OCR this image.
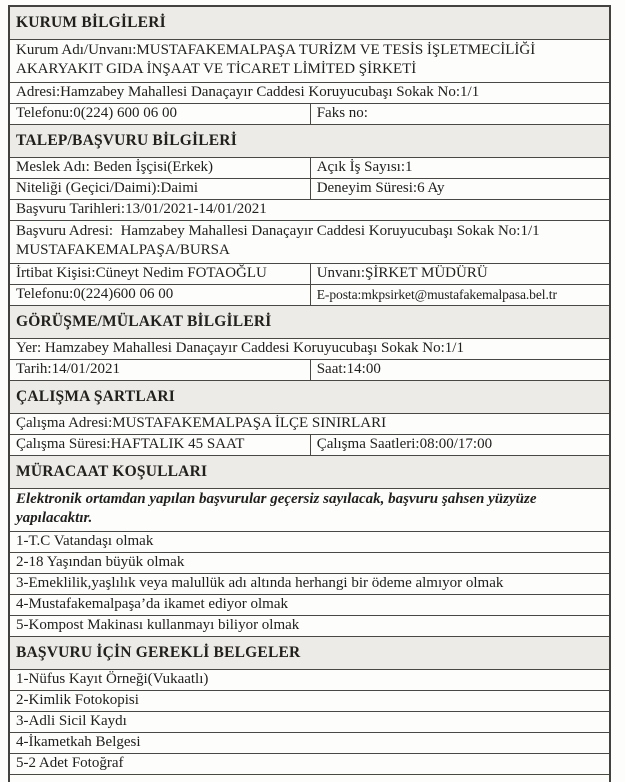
KURUM BİLGİLERİ
Kurum Adı/Unvanı:MUSTAFAKEMALPAŞA TURİZM VE TESİS İŞLETMECİLİĞİ AKARYAKIT GIDA İNŞAAT VE TİCARET LİMİTED ŞİRKETİ
Adresi:Hamzabey Mahallesi Danaçayır Caddesi Koruyucubaşı Sokak No:1/1
Telefonu:0(224) 600 06 00	Faks no:
TALEP/BAŞVURU BİLGİLERİ
Meslek Adı: Beden İşçisi(Erkek)	Açık İş Sayısı:1
Niteliği (Geçici/Daimi):Daimi	Deneyim Süresi:6 Ay
Başvuru Tarihleri:13/01/2021-14/01/2021
Başvuru Adresi:  Hamzabey Mahallesi Danaçayır Caddesi Koruyucubaşı Sokak No:1/1 MUSTAFAKEMALPAŞA/BURSA
İrtibat Kişisi:Cüneyt Nedim FOTAOĞLU	Unvanı:ŞİRKET MÜDÜRÜ
Telefonu:0(224)600 06 00	E-posta:mkpsirket@mustafakemalpasa.bel.tr
GÖRÜŞME/MÜLAKAT BİLGİLERİ
Yer: Hamzabey Mahallesi Danaçayır Caddesi Koruyucubaşı Sokak No:1/1
Tarih:14/01/2021	Saat:14:00
ÇALIŞMA ŞARTLARI
Çalışma Adresi:MUSTAFAKEMALPAŞA İLÇE SINIRLARI
Çalışma Süresi:HAFTALIK 45 SAAT	Çalışma Saatleri:08:00/17:00
MÜRACAAT KOŞULLARI
Elektronik ortamdan yapılan başvurular geçersiz sayılacak, başvuru şahsen yüzyüze yapılacaktır.
1-T.C Vatandaşı olmak
2-18 Yaşından büyük olmak
3-Emeklilik,yaşlılık veya malullük adı altında herhangi bir ödeme almıyor olmak
4-Mustafakemalpaşa’da ikamet ediyor olmak
5-Kompost Makinası kullanmayı biliyor olmak
BAŞVURU İÇİN GEREKLİ BELGELER
1-Nüfus Kayıt Örneği(Vukaatlı)
2-Kimlik Fotokopisi
3-Adli Sicil Kaydı
4-İkametkah Belgesi
5-2 Adet Fotoğraf
